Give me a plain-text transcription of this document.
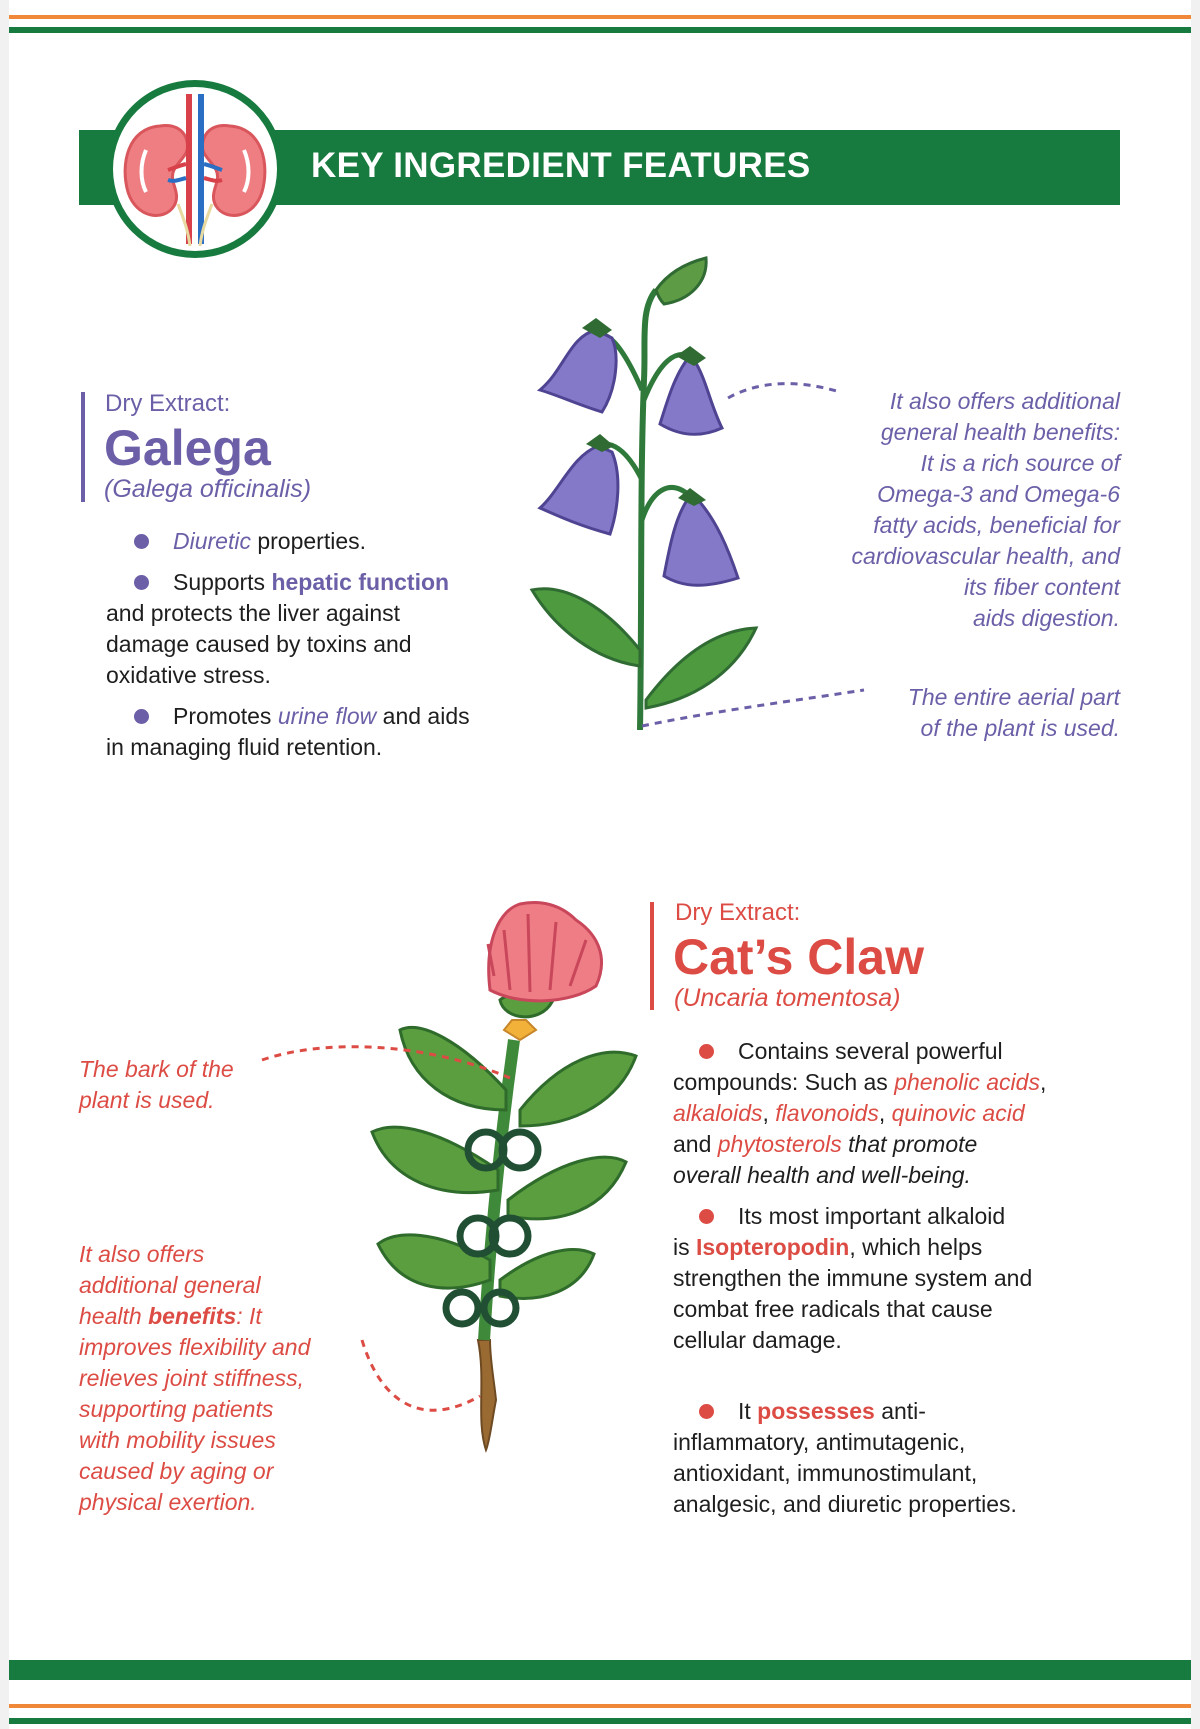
KEY INGREDIENT FEATURES
Dry Extract:
Galega
(Galega officinalis)
Diuretic properties.
Supports hepatic function
and protects the liver against
damage caused by toxins and
oxidative stress.
Promotes urine flow and aids
in managing fluid retention.
It also offers additional
general health benefits:
It is a rich source of
Omega-3 and Omega-6
fatty acids, beneficial for
cardiovascular health, and
its fiber content
aids digestion.
The entire aerial part
of the plant is used.
Dry Extract:
Cat’s Claw
(Uncaria tomentosa)
Contains several powerful
compounds: Such as phenolic acids,
alkaloids, flavonoids, quinovic acid
and phytosterols that promote
overall health and well-being.
Its most important alkaloid
is Isopteropodin, which helps
strengthen the immune system and
combat free radicals that cause
cellular damage.
It possesses anti-
inflammatory, antimutagenic,
antioxidant, immunostimulant,
analgesic, and diuretic properties.
The bark of the
plant is used.
It also offers
additional general
health benefits: It
improves flexibility and
relieves joint stiffness,
supporting patients
with mobility issues
caused by aging or
physical exertion.
